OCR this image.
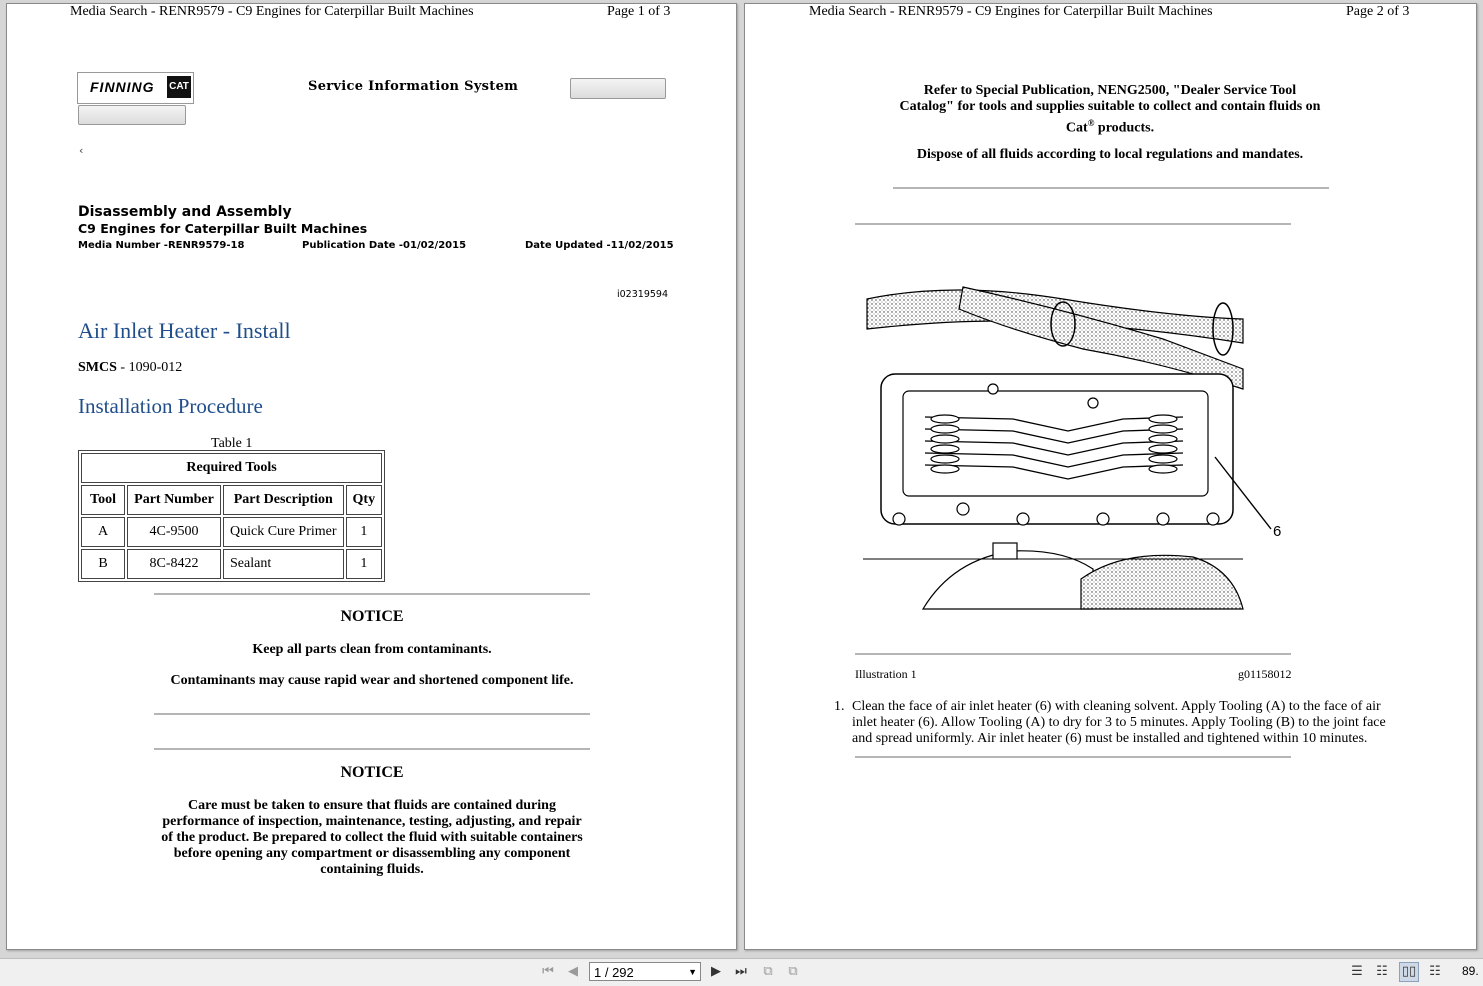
Media Search - RENR9579 - C9 Engines for Caterpillar Built Machines	Page 1 of 3
FINNING CAT	Service Information System
‹
Disassembly and Assembly
C9 Engines for Caterpillar Built Machines
Media Number -RENR9579-18	Publication Date -01/02/2015	Date Updated -11/02/2015
i02319594
Air Inlet Heater - Install
SMCS - 1090-012
Installation Procedure
Table 1
Required Tools			
Tool	Part Number	Part Description	Qty
A	4C-9500	Quick Cure Primer	1
B	8C-8422	Sealant	1
NOTICE
Keep all parts clean from contaminants.
Contaminants may cause rapid wear and shortened component life.
NOTICE
Care must be taken to ensure that fluids are contained during
performance of inspection, maintenance, testing, adjusting, and repair
of the product. Be prepared to collect the fluid with suitable containers
before opening any compartment or disassembling any component
containing fluids.
Media Search - RENR9579 - C9 Engines for Caterpillar Built Machines	Page 2 of 3
Refer to Special Publication, NENG2500, "Dealer Service Tool
Catalog" for tools and supplies suitable to collect and contain fluids on
Cat® products.
Dispose of all fluids according to local regulations and mandates.
6
Illustration 1	g01158012
1. Clean the face of air inlet heater (6) with cleaning solvent. Apply Tooling (A) to the face of air
inlet heater (6). Allow Tooling (A) to dry for 3 to 5 minutes. Apply Tooling (B) to the joint face
and spread uniformly. Air inlet heater (6) must be installed and tightened within 10 minutes.
⏮	◀	1 / 292	▼	▶	⏭	⧉	⧉	☰ ☷ ▯▯ ☷ 89.
